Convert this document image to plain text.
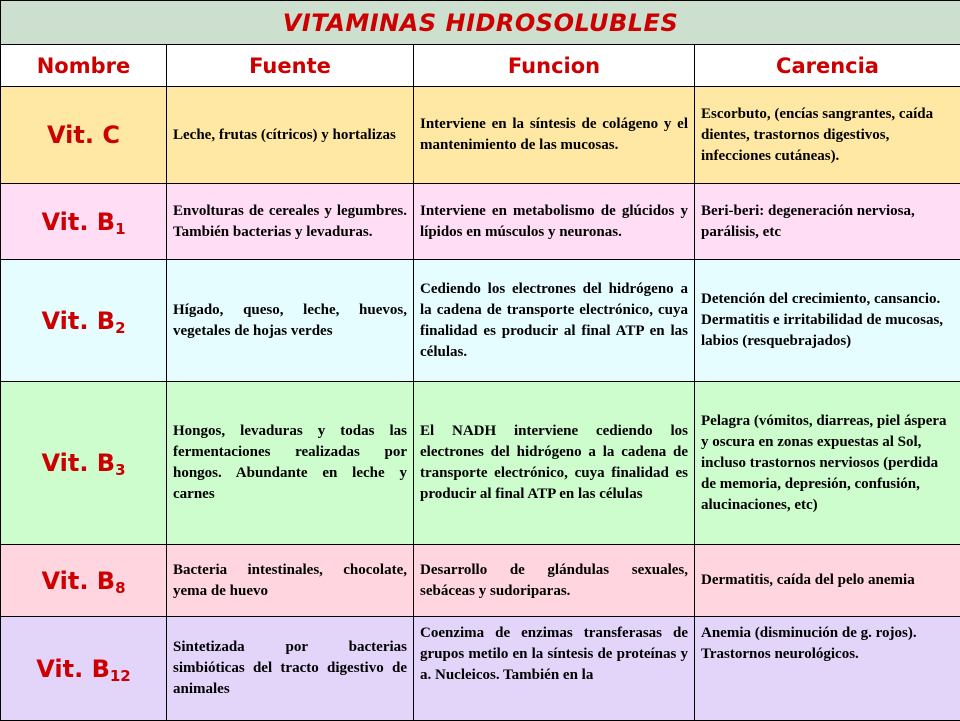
VITAMINAS HIDROSOLUBLES			
Nombre	Fuente	Funcion	Carencia
Vit. C	Leche, frutas (cítricos) y hortalizas	Interviene en la síntesis de colágeno y el mantenimiento de las mucosas.	Escorbuto, (encías sangrantes, caída dientes, trastornos digestivos, infecciones cutáneas).
Vit. $B_1$	Envolturas de cereales y legumbres. También bacterias y levaduras.	Interviene en metabolismo de glúcidos y lípidos en músculos y neuronas.	Beri-beri: degeneración nerviosa, parálisis, etc
Vit. $B_2$	Hígado, queso, leche, huevos, vegetales de hojas verdes	Cediendo los electrones del hidrógeno a la cadena de transporte electrónico, cuya finalidad es producir al final ATP en las células.	Detención del crecimiento, cansancio. Dermatitis e irritabilidad de mucosas, labios (resquebrajados)
Vit. $B_3$	Hongos, levaduras y todas las fermentaciones realizadas por hongos. Abundante en leche y carnes	El NADH interviene cediendo los electrones del hidrógeno a la cadena de transporte electrónico, cuya finalidad es producir al final ATP en las células	Pelagra (vómitos, diarreas, piel áspera y oscura en zonas expuestas al Sol, incluso trastornos nerviosos (perdida de memoria, depresión, confusión, alucinaciones, etc)
Vit. $B_8$	Bacteria intestinales, chocolate, yema de huevo	Desarrollo de glándulas sexuales, sebáceas y sudoriparas.	Dermatitis, caída del pelo anemia
Vit. $B_{12}$	Sintetizada por bacterias simbióticas del tracto digestivo de animales	Coenzima de enzimas transferasas de grupos metilo en la síntesis de proteínas y a. Nucleicos. También en la	Anemia (disminución de g. rojos). Trastornos neurológicos.
